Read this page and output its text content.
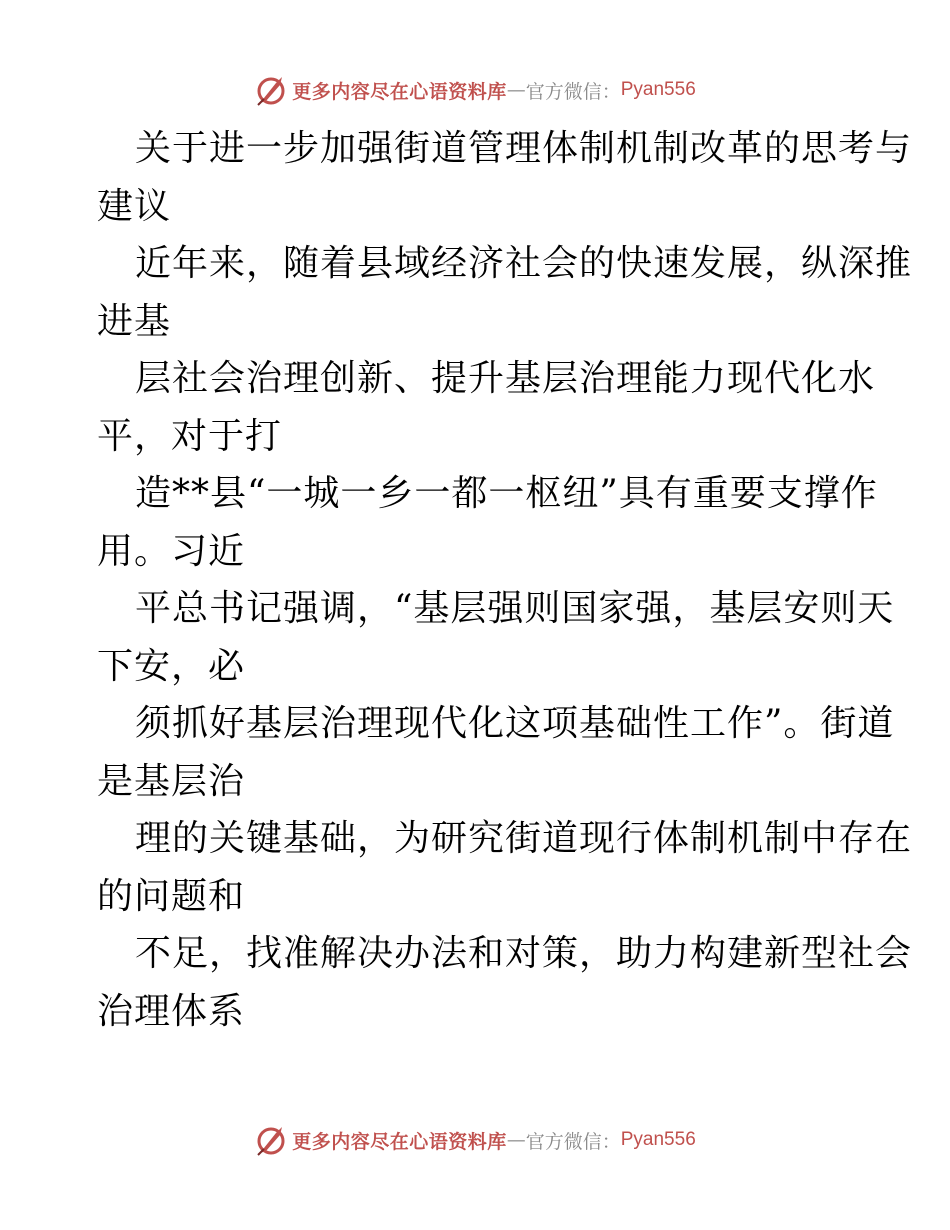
更多内容尽在心语资料库 — 官方微信： Pyan556
关于进一步加强街道管理体制机制改革的思考与
建议
近年来，随着县域经济社会的快速发展，纵深推
进基
层社会治理创新、提升基层治理能力现代化水
平，对于打
造**县“一城一乡一都一枢纽”具有重要支撑作
用。习近
平总书记强调，“基层强则国家强，基层安则天
下安，必
须抓好基层治理现代化这项基础性工作”。街道
是基层治
理的关键基础，为研究街道现行体制机制中存在
的问题和
不足，找准解决办法和对策，助力构建新型社会
治理体系
更多内容尽在心语资料库 — 官方微信： Pyan556
